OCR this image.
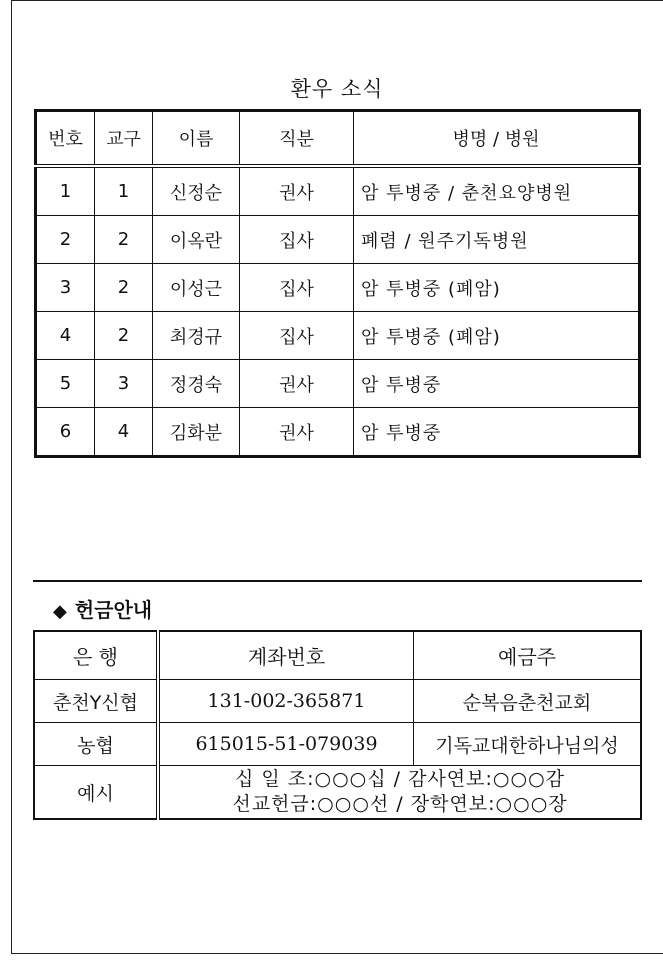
환우 소식
번호	교구	이름	직분	병명 / 병원
1	1	신정순	권사	암 투병중 / 춘천요양병원
2	2	이옥란	집사	폐렴 / 원주기독병원
3	2	이성근	집사	암 투병중 (폐암)
4	2	최경규	집사	암 투병중 (폐암)
5	3	정경숙	권사	암 투병중
6	4	김화분	권사	암 투병중
◆ 헌금안내
은 행	계좌번호	예금주
춘천Y신협	131-002-365871	순복음춘천교회
농협	615015-51-079039	기독교대한하나님의성
예시	십 일 조:○○○십 / 감사연보:○○○감
선교헌금:○○○선 / 장학연보:○○○장	
